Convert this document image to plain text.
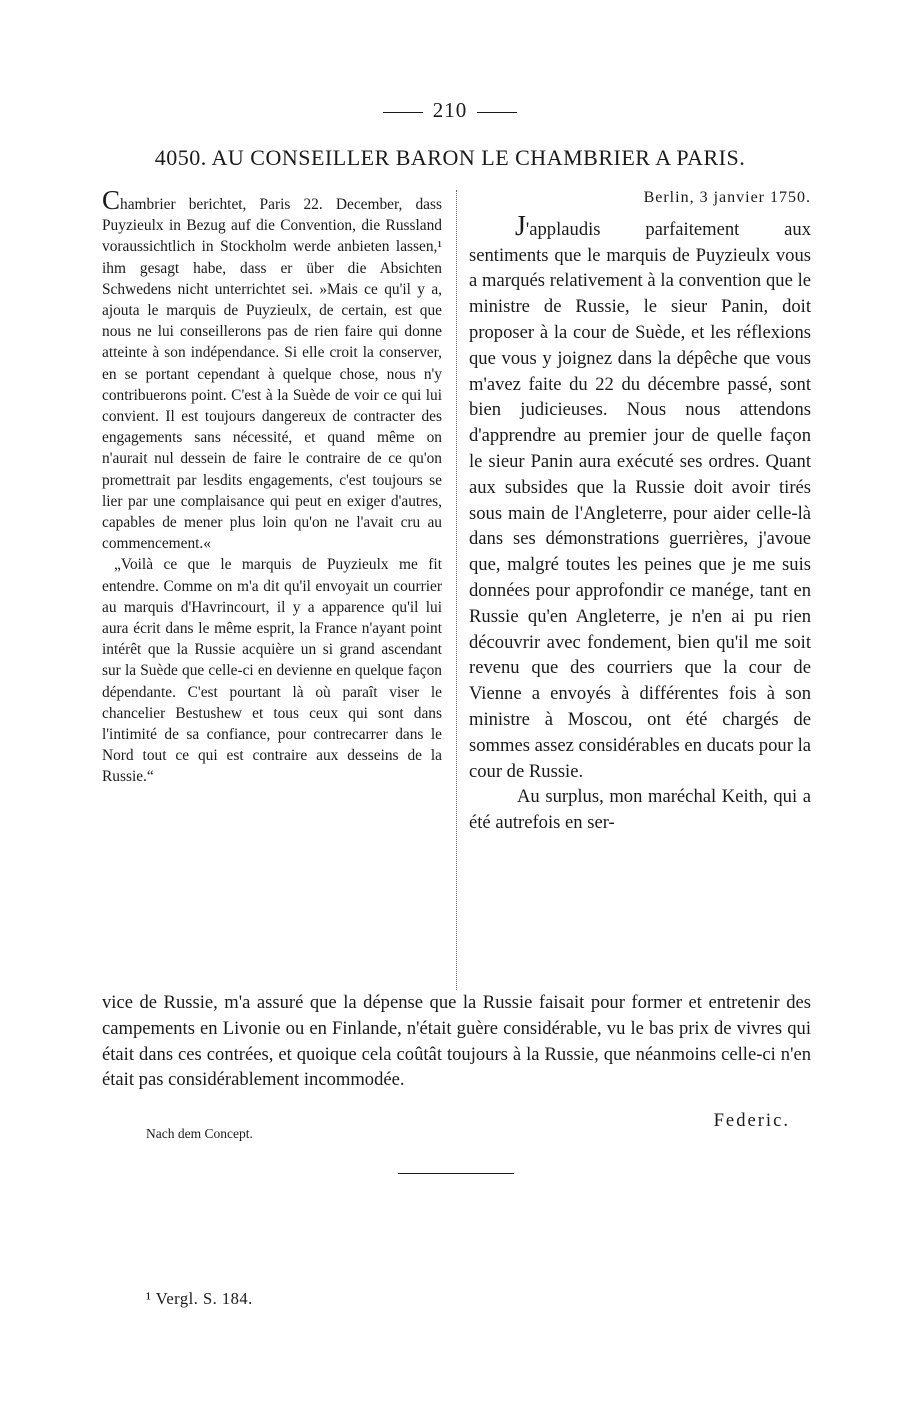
210
4050. AU CONSEILLER BARON LE CHAMBRIER A PARIS.

Chambrier berichtet, Paris 22. December, dass Puyzieulx in Bezug auf die Convention, die Russland voraussichtlich in Stockholm werde anbieten lassen,¹ ihm gesagt habe, dass er über die Absichten Schwedens nicht unterrichtet sei. »Mais ce qu'il y a, ajouta le marquis de Puyzieulx, de certain, est que nous ne lui conseillerons pas de rien faire qui donne atteinte à son indépendance. Si elle croit la conserver, en se portant cependant à quelque chose, nous n'y contribuerons point. C'est à la Suède de voir ce qui lui convient. Il est toujours dangereux de contracter des engagements sans nécessité, et quand même on n'aurait nul dessein de faire le contraire de ce qu'on promettrait par lesdits engagements, c'est toujours se lier par une complaisance qui peut en exiger d'autres, capables de mener plus loin qu'on ne l'avait cru au commencement.«

„Voilà ce que le marquis de Puyzieulx me fit entendre. Comme on m'a dit qu'il envoyait un courrier au marquis d'Havrincourt, il y a apparence qu'il lui aura écrit dans le même esprit, la France n'ayant point intérêt que la Russie acquière un si grand ascendant sur la Suède que celle-ci en devienne en quelque façon dépendante. C'est pourtant là où paraît viser le chancelier Bestushew et tous ceux qui sont dans l'intimité de sa confiance, pour contrecarrer dans le Nord tout ce qui est contraire aux desseins de la Russie.“

Berlin, 3 janvier 1750.

J'applaudis parfaitement aux sentiments que le marquis de Puyzieulx vous a marqués relativement à la convention que le ministre de Russie, le sieur Panin, doit proposer à la cour de Suède, et les réflexions que vous y joignez dans la dépêche que vous m'avez faite du 22 du décembre passé, sont bien judicieuses. Nous nous attendons d'apprendre au premier jour de quelle façon le sieur Panin aura exécuté ses ordres. Quant aux subsides que la Russie doit avoir tirés sous main de l'Angleterre, pour aider celle-là dans ses démonstrations guerrières, j'avoue que, malgré toutes les peines que je me suis données pour approfondir ce manége, tant en Russie qu'en Angleterre, je n'en ai pu rien découvrir avec fondement, bien qu'il me soit revenu que des courriers que la cour de Vienne a envoyés à différentes fois à son ministre à Moscou, ont été chargés de sommes assez considérables en ducats pour la cour de Russie.

Au surplus, mon maréchal Keith, qui a été autrefois en ser-

vice de Russie, m'a assuré que la dépense que la Russie faisait pour former et entretenir des campements en Livonie ou en Finlande, n'était guère considérable, vu le bas prix de vivres qui était dans ces contrées, et quoique cela coûtât toujours à la Russie, que néanmoins celle-ci n'en était pas considérablement incommodée.
Federic.
Nach dem Concept.
¹ Vergl. S. 184.
